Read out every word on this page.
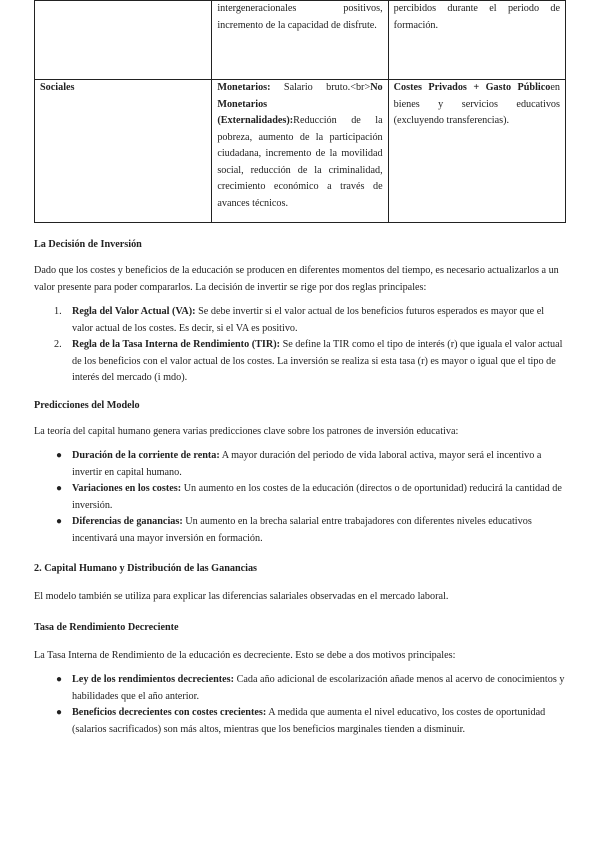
	intergeneracionales positivos, incremento de la capacidad de disfrute.	percibidos durante el periodo de formación.
Sociales	Monetarios: Salario bruto.<br>No Monetarios (Externalidades):Reducción de la pobreza, aumento de la participación ciudadana, incremento de la movilidad social, reducción de la criminalidad, crecimiento económico a través de avances técnicos.	Costes Privados + Gasto Públicoen bienes y servicios educativos (excluyendo transferencias).
La Decisión de Inversión

Dado que los costes y beneficios de la educación se producen en diferentes momentos del tiempo, es necesario actualizarlos a un valor presente para poder compararlos. La decisión de invertir se rige por dos reglas principales:

1. Regla del Valor Actual (VA): Se debe invertir si el valor actual de los beneficios futuros esperados es mayor que el valor actual de los costes. Es decir, si el VA es positivo.
2. Regla de la Tasa Interna de Rendimiento (TIR): Se define la TIR como el tipo de interés (r) que iguala el valor actual de los beneficios con el valor actual de los costes. La inversión se realiza si esta tasa (r) es mayor o igual que el tipo de interés del mercado (i mdo).
Predicciones del Modelo

La teoría del capital humano genera varias predicciones clave sobre los patrones de inversión educativa:

● Duración de la corriente de renta: A mayor duración del periodo de vida laboral activa, mayor será el incentivo a invertir en capital humano.
● Variaciones en los costes: Un aumento en los costes de la educación (directos o de oportunidad) reducirá la cantidad de inversión.
● Diferencias de ganancias: Un aumento en la brecha salarial entre trabajadores con diferentes niveles educativos incentivará una mayor inversión en formación.
2. Capital Humano y Distribución de las Ganancias

El modelo también se utiliza para explicar las diferencias salariales observadas en el mercado laboral.

Tasa de Rendimiento Decreciente

La Tasa Interna de Rendimiento de la educación es decreciente. Esto se debe a dos motivos principales:

● Ley de los rendimientos decrecientes: Cada año adicional de escolarización añade menos al acervo de conocimientos y habilidades que el año anterior.
● Beneficios decrecientes con costes crecientes: A medida que aumenta el nivel educativo, los costes de oportunidad (salarios sacrificados) son más altos, mientras que los beneficios marginales tienden a disminuir.
